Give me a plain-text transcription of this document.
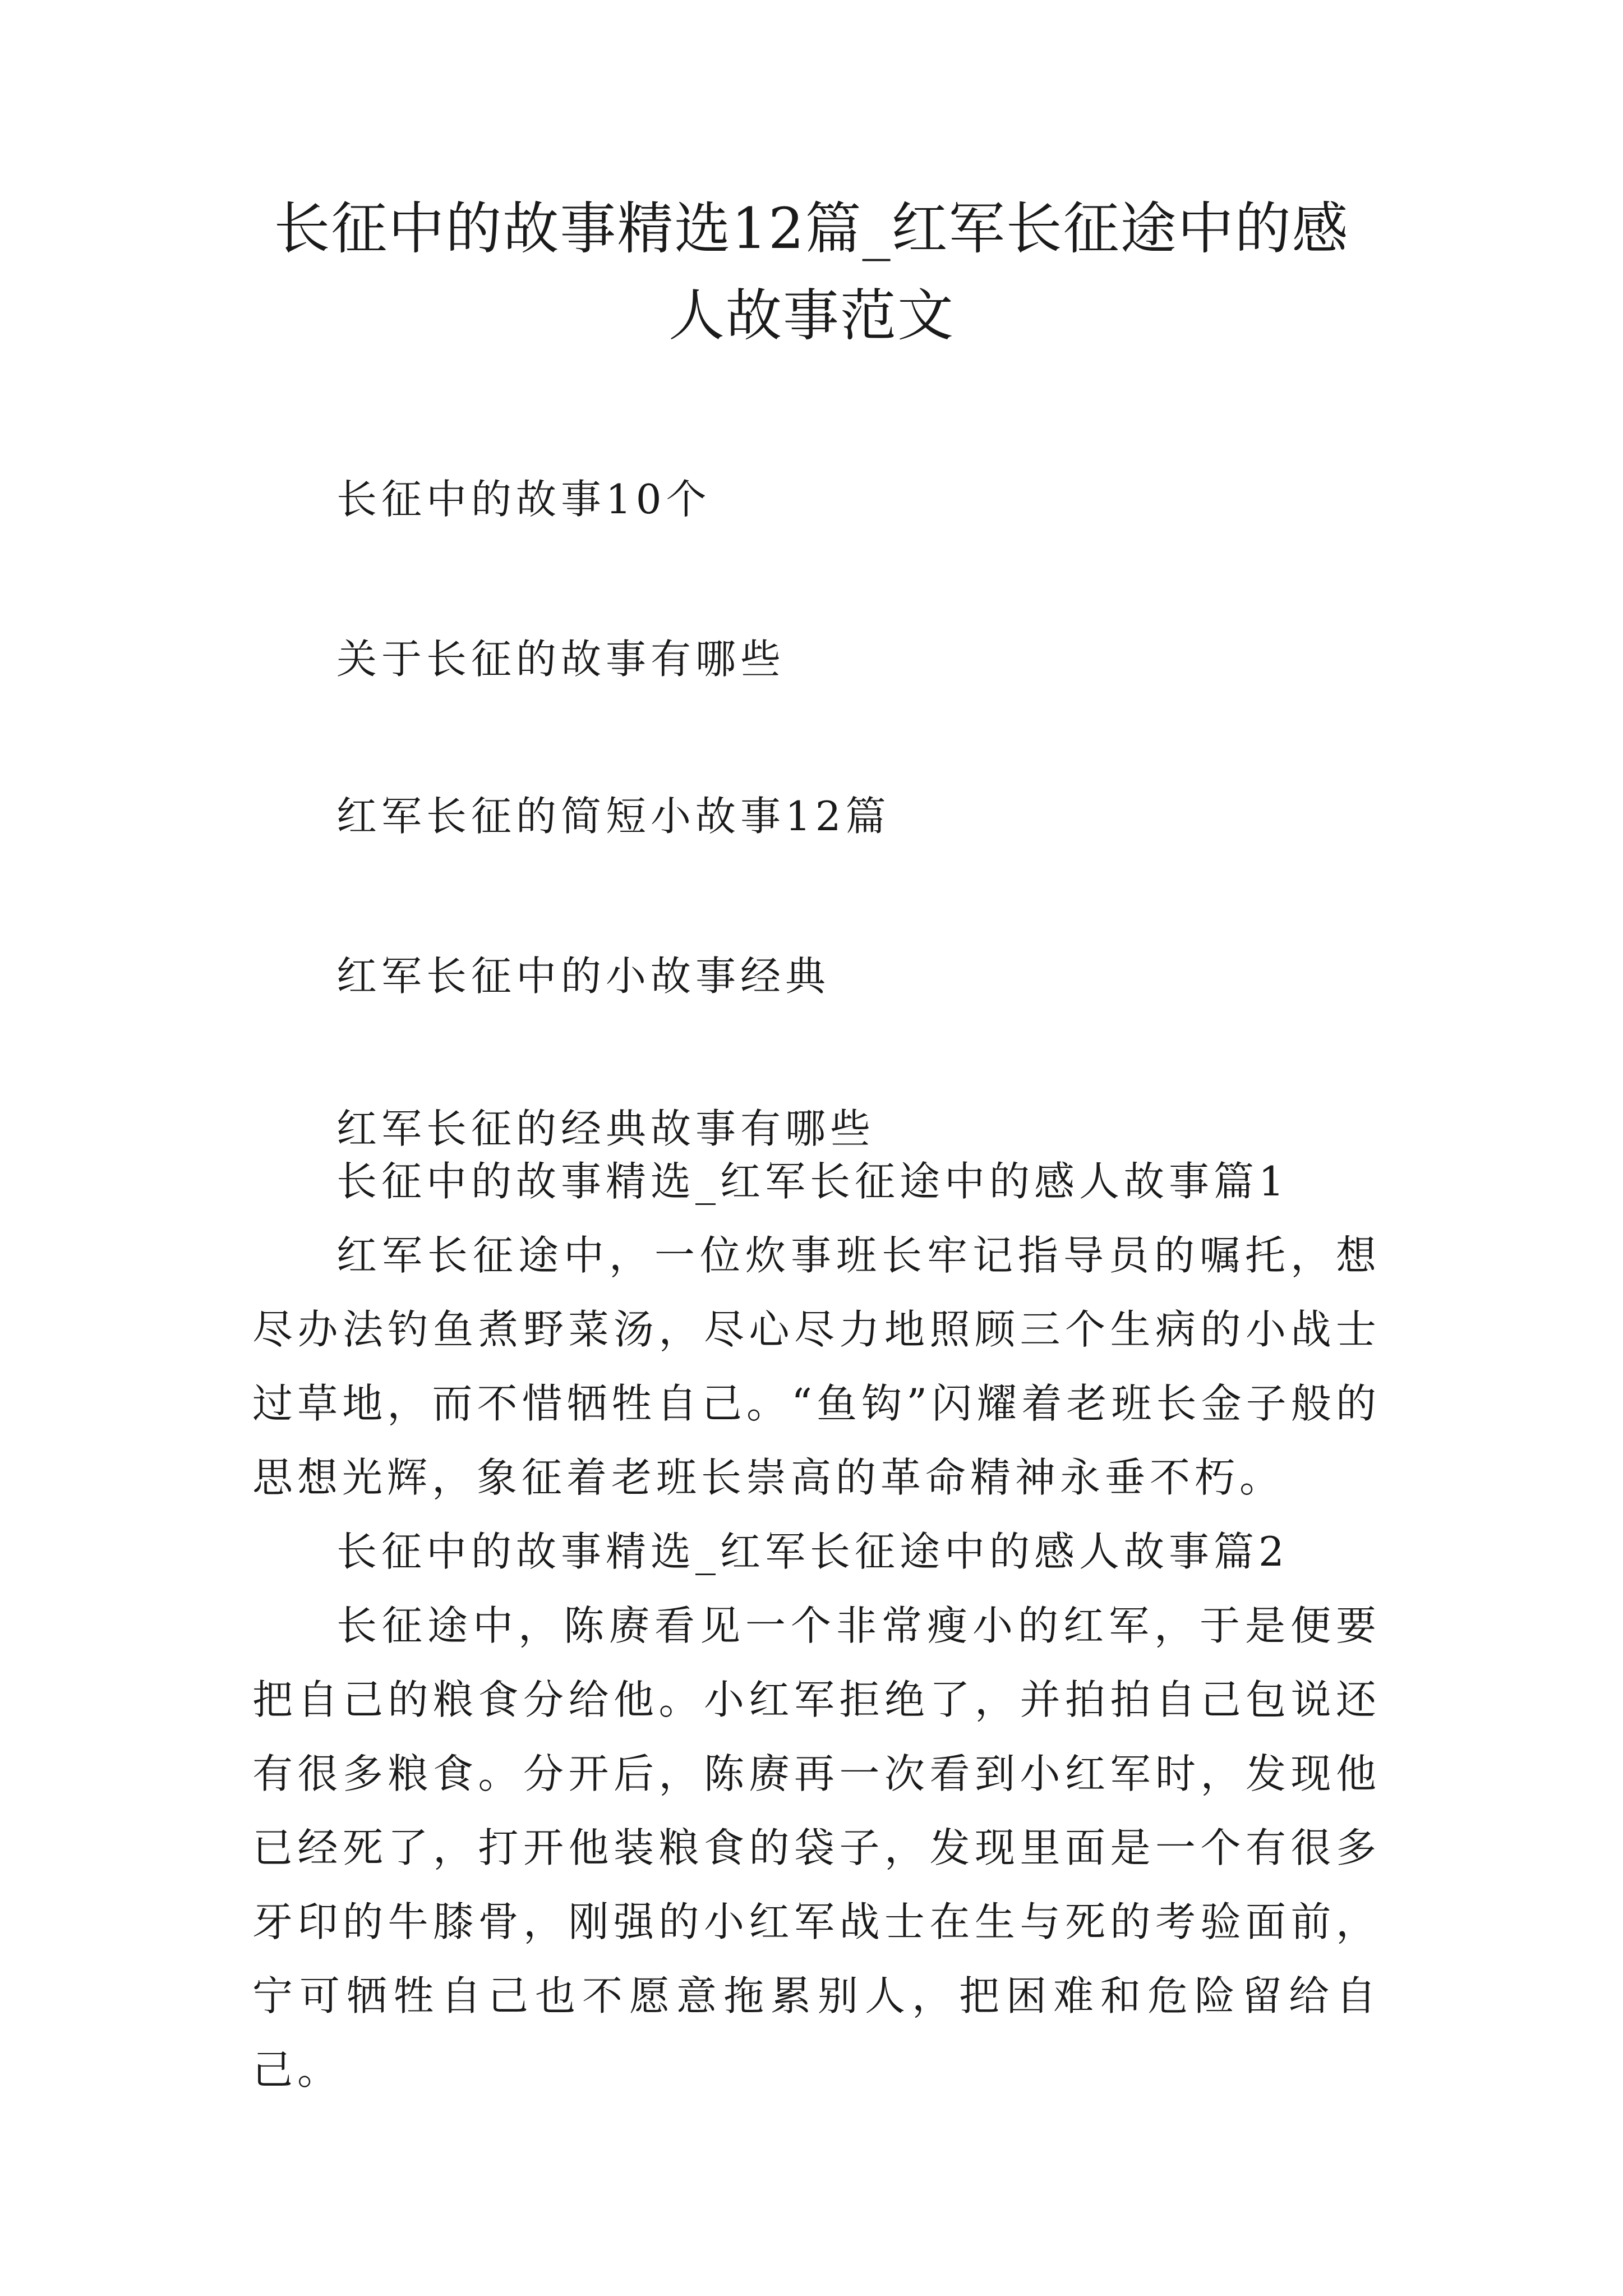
长征中的故事精选12篇_红军长征途中的感
人故事范文
长征中的故事10个
关于长征的故事有哪些
红军长征的简短小故事12篇
红军长征中的小故事经典
红军长征的经典故事有哪些

长征中的故事精选_红军长征途中的感人故事篇1

红军长征途中，一位炊事班长牢记指导员的嘱托，想尽办法钓鱼煮野菜汤，尽心尽力地照顾三个生病的小战士过草地，而不惜牺牲自己。“鱼钩”闪耀着老班长金子般的思想光辉，象征着老班长崇高的革命精神永垂不朽。

长征中的故事精选_红军长征途中的感人故事篇2

长征途中，陈赓看见一个非常瘦小的红军，于是便要把自己的粮食分给他。小红军拒绝了，并拍拍自己包说还有很多粮食。分开后，陈赓再一次看到小红军时，发现他已经死了，打开他装粮食的袋子，发现里面是一个有很多牙印的牛膝骨，刚强的小红军战士在生与死的考验面前，宁可牺牲自己也不愿意拖累别人，把困难和危险留给自己。
